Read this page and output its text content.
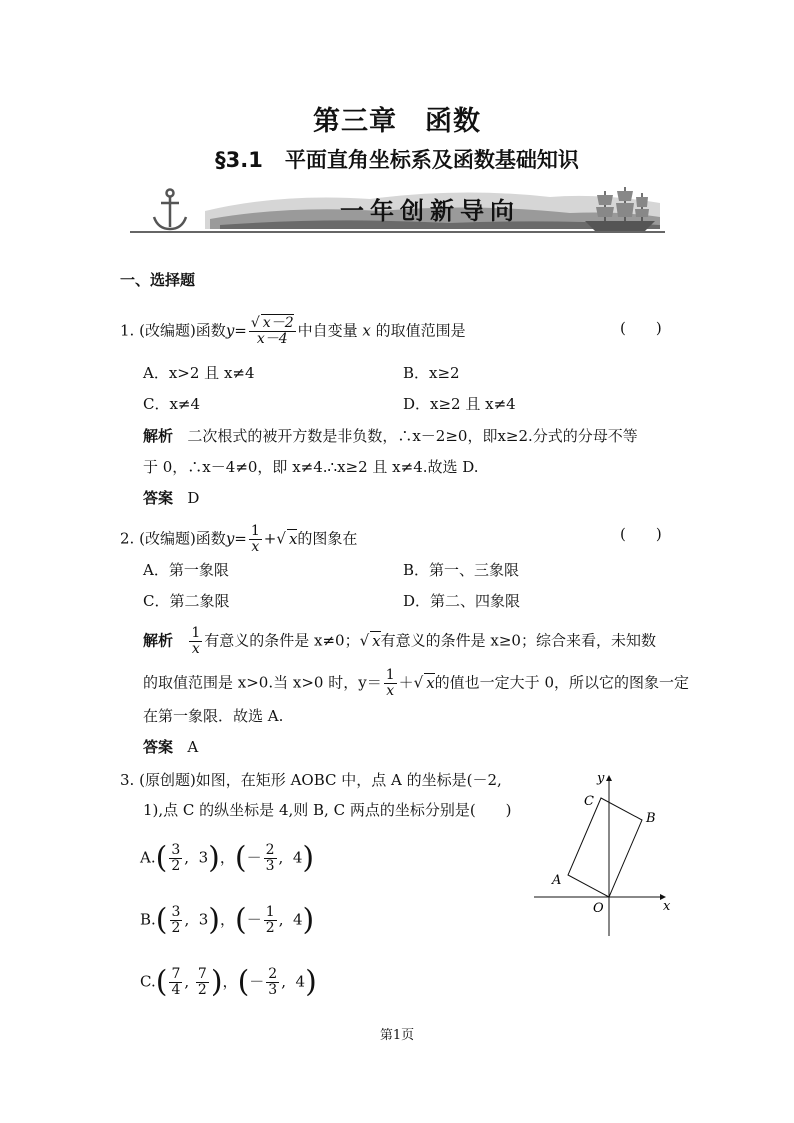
第三章　函数
§3.1 平面直角坐标系及函数基础知识
一年创新导向
一、选择题
1. (改编题)函数$y= \frac{√ x-2}{x-4}$ 中自变量 x 的取值范围是	(　　)
A．x>2 且 x≠4	B．x≥2
C．x≠4	D．x≥2 且 x≠4
解析 二次根式的被开方数是非负数，∴x－2≥0，即x≥2.分式的分母不等
于 0，∴x－4≠0，即 x≠4.∴x≥2 且 x≠4.故选 D.
答案 D
2. (改编题)函数$y= \frac{1}{x}$ +√ x的图象在	(　　)
A．第一象限	B．第一、三象限
C．第二象限	D．第二、四象限
解析 $\frac{1}{x}$ 有意义的条件是 x≠0；√ x有意义的条件是 x≥0；综合来看，未知数
的取值范围是 x>0.当 x>0 时，$y= \frac{1}{x}$ ＋√ x的值也一定大于 0，所以它的图象一定
在第一象限．故选 A.
答案 A
3. (原创题)如图，在矩形 AOBC 中，点 A 的坐标是(－2,
1),点 C 的纵坐标是 4,则 B, C 两点的坐标分别是(　　)
$A.( \frac{3}{2}$ ,  3)，(－ $\frac{2}{3}$ ,  4)
$B.( \frac{3}{2}$ ,  3)，(－ $\frac{1}{2}$ ,  4)
$C.( \frac{7}{4}$ , $\frac{7}{2}$ )，(－ $\frac{2}{3}$ ,  4)
y
x
O
A
B
C
第1页
